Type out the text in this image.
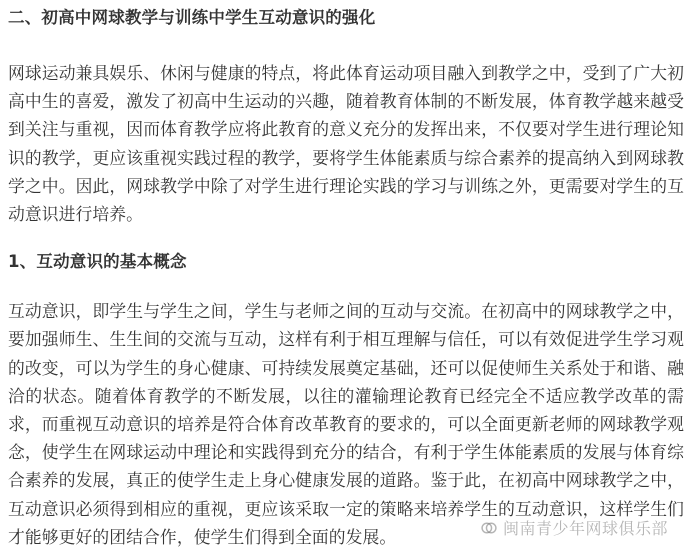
二、初高中网球教学与训练中学生互动意识的强化

网球运动兼具娱乐、休闲与健康的特点，将此体育运动项目融入到教学之中，受到了广大初高中生的喜爱，激发了初高中生运动的兴趣，随着教育体制的不断发展，体育教学越来越受到关注与重视，因而体育教学应将此教育的意义充分的发挥出来，不仅要对学生进行理论知识的教学，更应该重视实践过程的教学，要将学生体能素质与综合素养的提高纳入到网球教学之中。因此，网球教学中除了对学生进行理论实践的学习与训练之外，更需要对学生的互动意识进行培养。

1、互动意识的基本概念

互动意识，即学生与学生之间，学生与老师之间的互动与交流。在初高中的网球教学之中，要加强师生、生生间的交流与互动，这样有利于相互理解与信任，可以有效促进学生学习观的改变，可以为学生的身心健康、可持续发展奠定基础，还可以促使师生关系处于和谐、融洽的状态。随着体育教学的不断发展，以往的灌输理论教育已经完全不适应教学改革的需求，而重视互动意识的培养是符合体育改革教育的要求的，可以全面更新老师的网球教学观念，使学生在网球运动中理论和实践得到充分的结合，有利于学生体能素质的发展与体育综合素养的发展，真正的使学生走上身心健康发展的道路。鉴于此，在初高中网球教学之中，互动意识必须得到相应的重视，更应该采取一定的策略来培养学生的互动意识，这样学生们才能够更好的团结合作，使学生们得到全面的发展。	闽南青少年网球俱乐部
